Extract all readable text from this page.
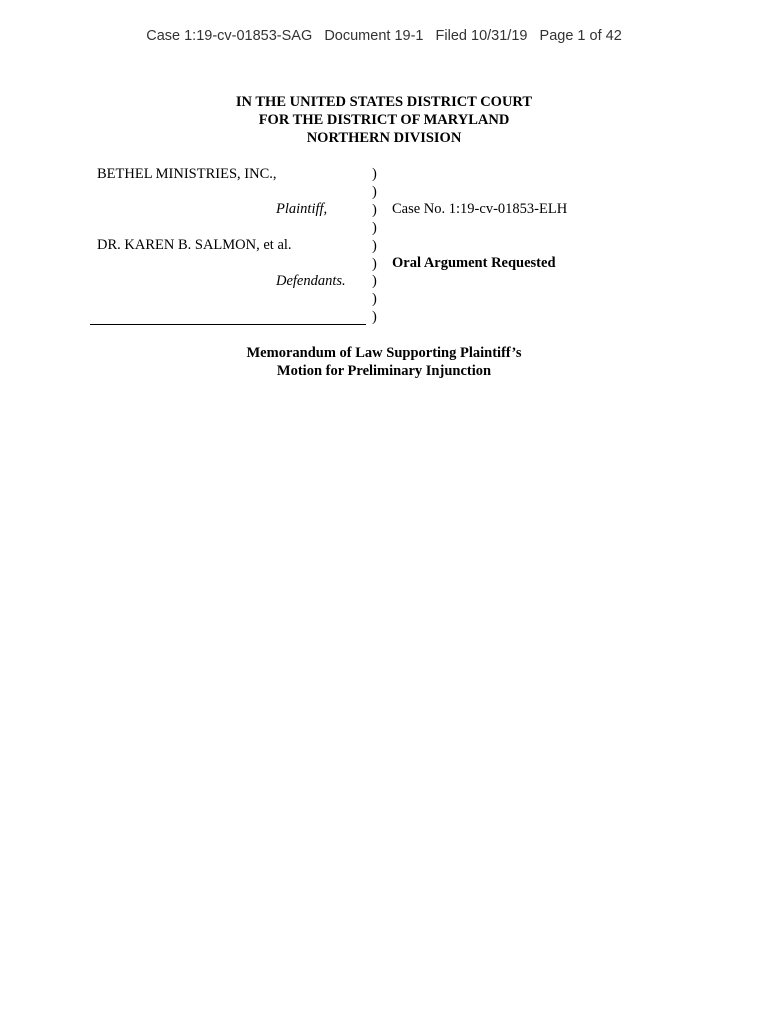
Case 1:19-cv-01853-SAG   Document 19-1   Filed 10/31/19   Page 1 of 42
IN THE UNITED STATES DISTRICT COURT
FOR THE DISTRICT OF MARYLAND
NORTHERN DIVISION
BETHEL MINISTRIES, INC.,
Plaintiff,
DR. KAREN B. SALMON, et al.
Defendants.
)
)
)
)
)
)
)
)
)
Case No. 1:19-cv-01853-ELH
Oral Argument Requested
Memorandum of Law Supporting Plaintiff’s
Motion for Preliminary Injunction
